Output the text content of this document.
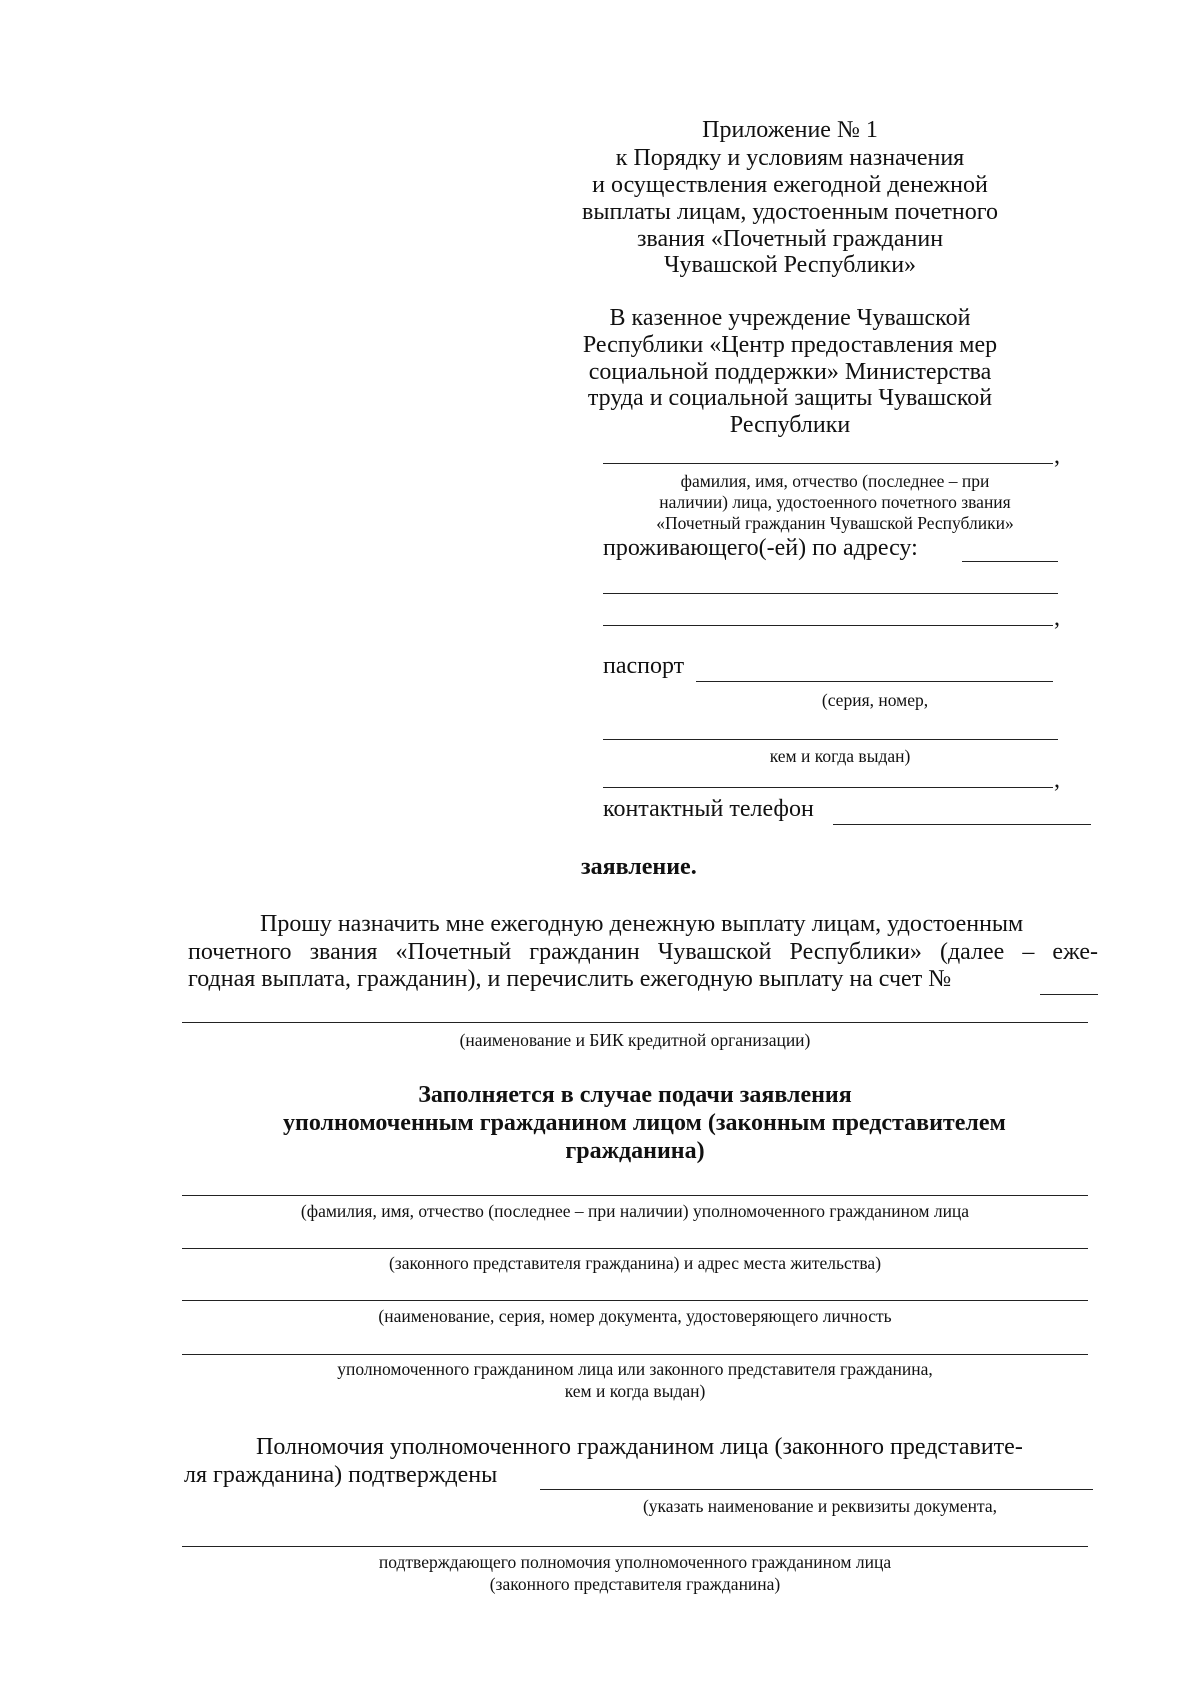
Приложение № 1
к Порядку и условиям назначения
и осуществления ежегодной денежной
выплаты лицам, удостоенным почетного
звания «Почетный гражданин
Чувашской Республики»
В казенное учреждение Чувашской
Республики «Центр предоставления мер
социальной поддержки» Министерства
труда и социальной защиты Чувашской
Республики
,
фамилия, имя, отчество (последнее – при
наличии) лица, удостоенного почетного звания
«Почетный гражданин Чувашской Республики»
проживающего(-ей) по адресу:
,
паспорт
(серия, номер,
кем и когда выдан)
,
контактный телефон
заявление.
Прошу назначить мне ежегодную денежную выплату лицам, удостоенным
почетного звания «Почетный гражданин Чувашской Республики» (далее – еже-
годная выплата, гражданин), и перечислить ежегодную выплату на счет №
(наименование и БИК кредитной организации)
Заполняется в случае подачи заявления
уполномоченным гражданином лицом (законным представителем
гражданина)
(фамилия, имя, отчество (последнее – при наличии) уполномоченного гражданином лица
(законного представителя гражданина) и адрес места жительства)
(наименование, серия, номер документа, удостоверяющего личность
уполномоченного гражданином лица или законного представителя гражданина,
кем и когда выдан)
Полномочия уполномоченного гражданином лица (законного представите-
ля гражданина) подтверждены
(указать наименование и реквизиты документа,
подтверждающего полномочия уполномоченного гражданином лица
(законного представителя гражданина)
